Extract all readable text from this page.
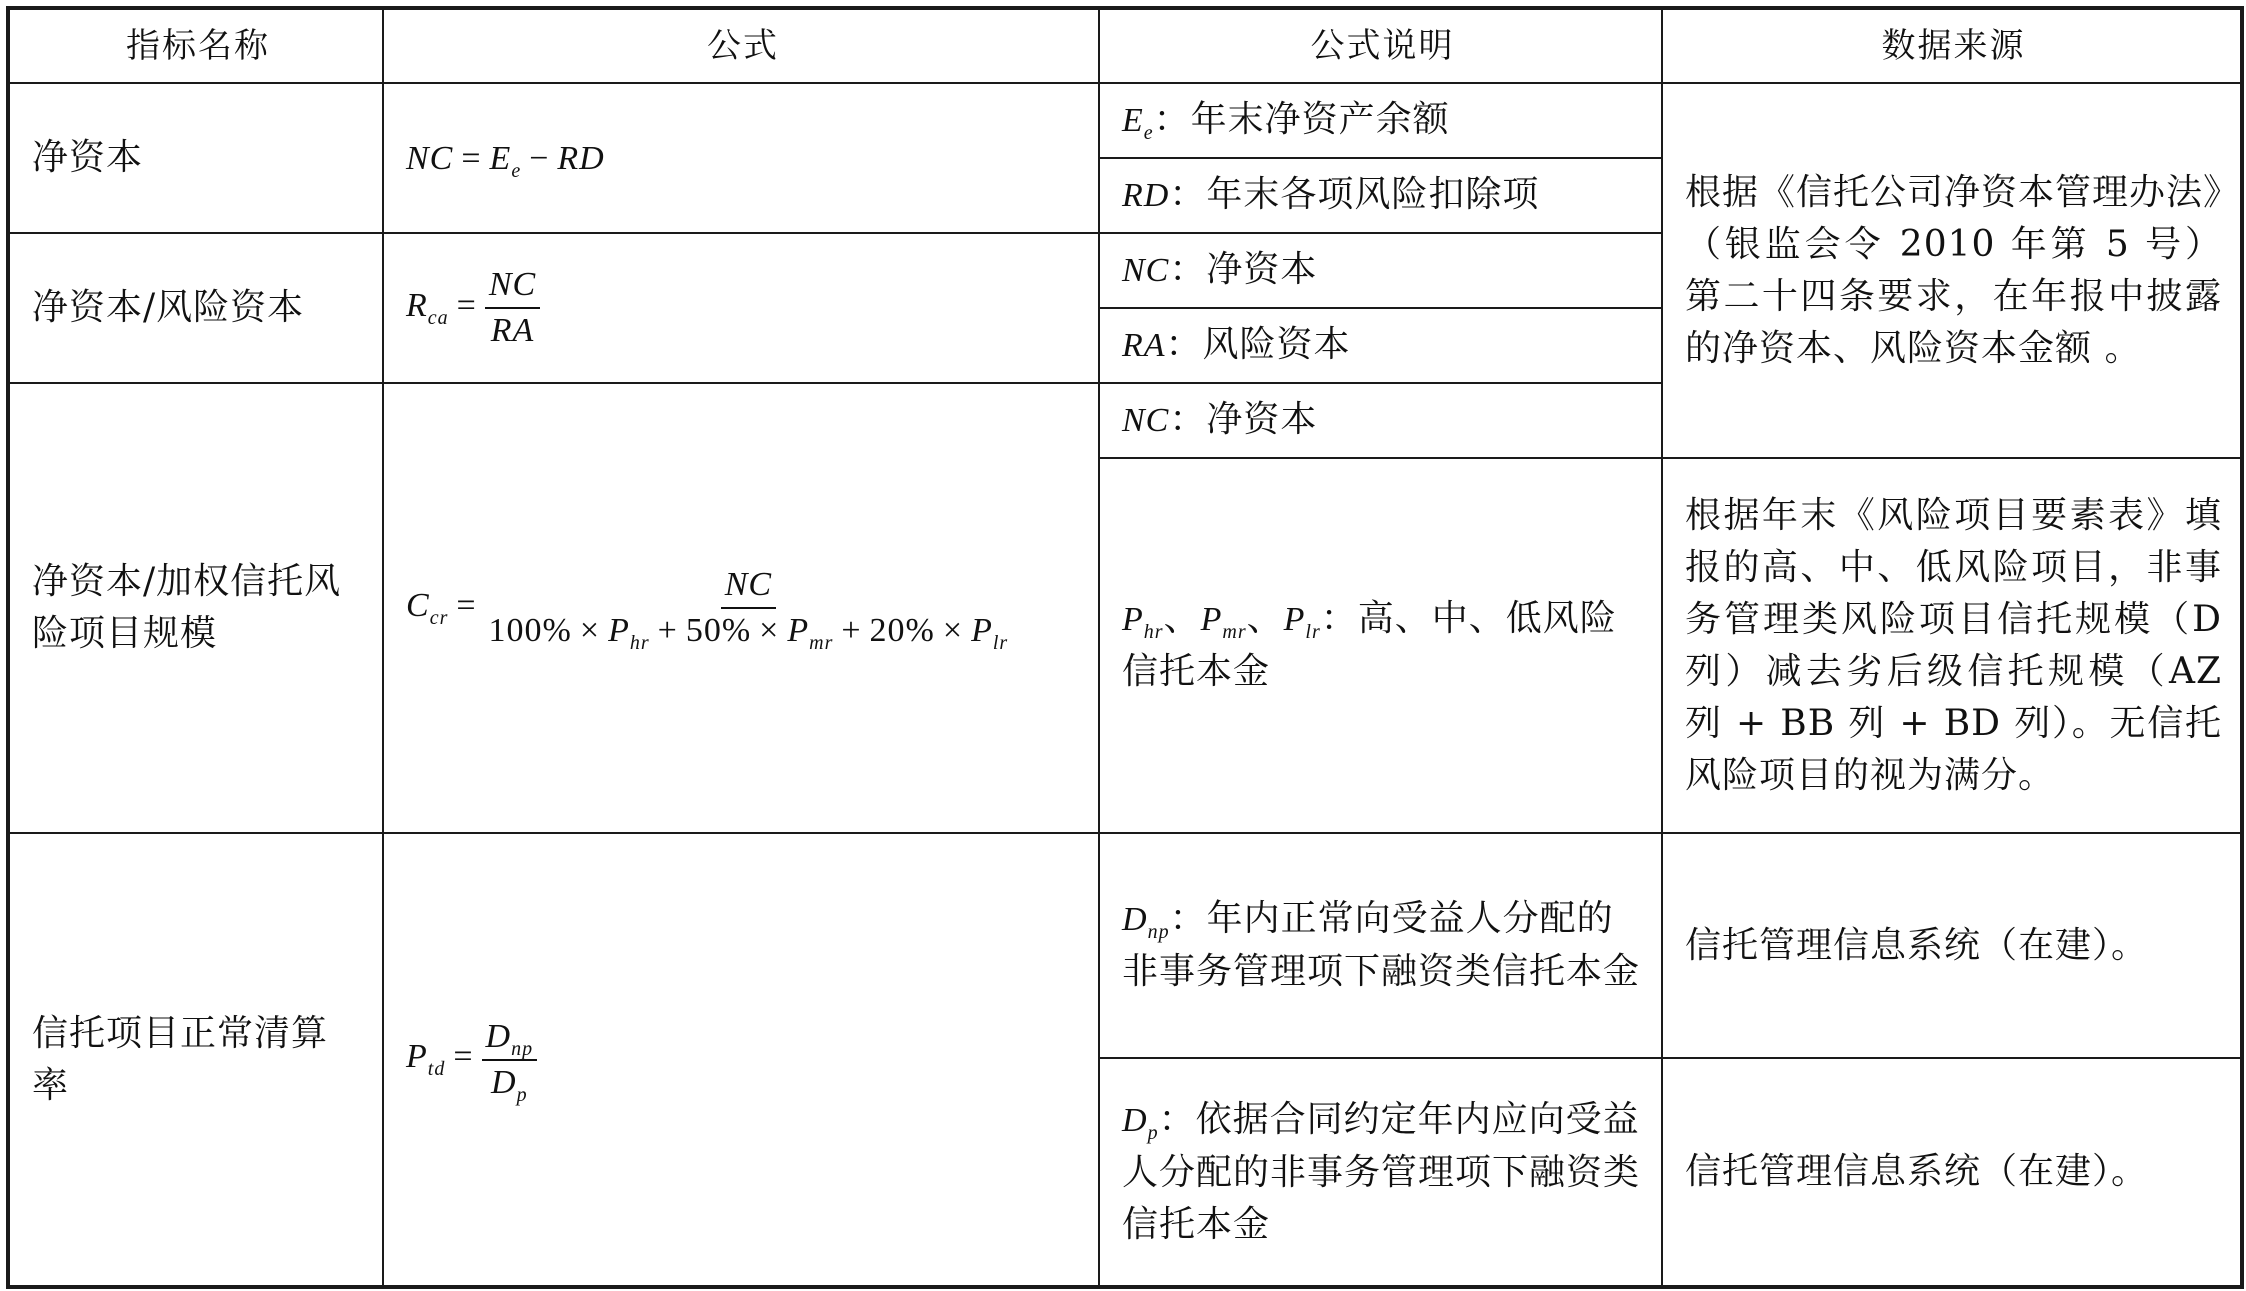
指标名称	公式	公式说明	数据来源
净资本	NC = $E_e$ − RD	$E_e$：年末净资产余额	根据《信托公司净资本管理办法》（银监会令 2010 年第 5 号）第二十四条要求，在年报中披露的净资本、风险资本金额 。
		RD：年末各项风险扣除项	
净资本/风险资本	$R_{ca} = \frac{NC}{RA}$	NC：净资本	
		RA：风险资本	
净资本/加权信托风险项目规模	$C_{cr} = \frac{NC}{100\% \times P_{hr} + 50\% \times P_{mr} + 20\% \times P_{lr}}$	NC：净资本	
		$P_{hr}$、$P_{mr}$、$P_{lr}$：高、中、低风险信托本金	根据年末《风险项目要素表》填报的高、中、低风险项目，非事务管理类风险项目信托规模（D 列）减去劣后级信托规模（AZ 列 + BB 列 + BD 列）。无信托风险项目的视为满分。
信托项目正常清算率	$P_{td} = \frac{D_{np}}{D_p}$	$D_{np}$：年内正常向受益人分配的非事务管理项下融资类信托本金	信托管理信息系统（在建）。
		$D_p$：依据合同约定年内应向受益人分配的非事务管理项下融资类信托本金	信托管理信息系统（在建）。
